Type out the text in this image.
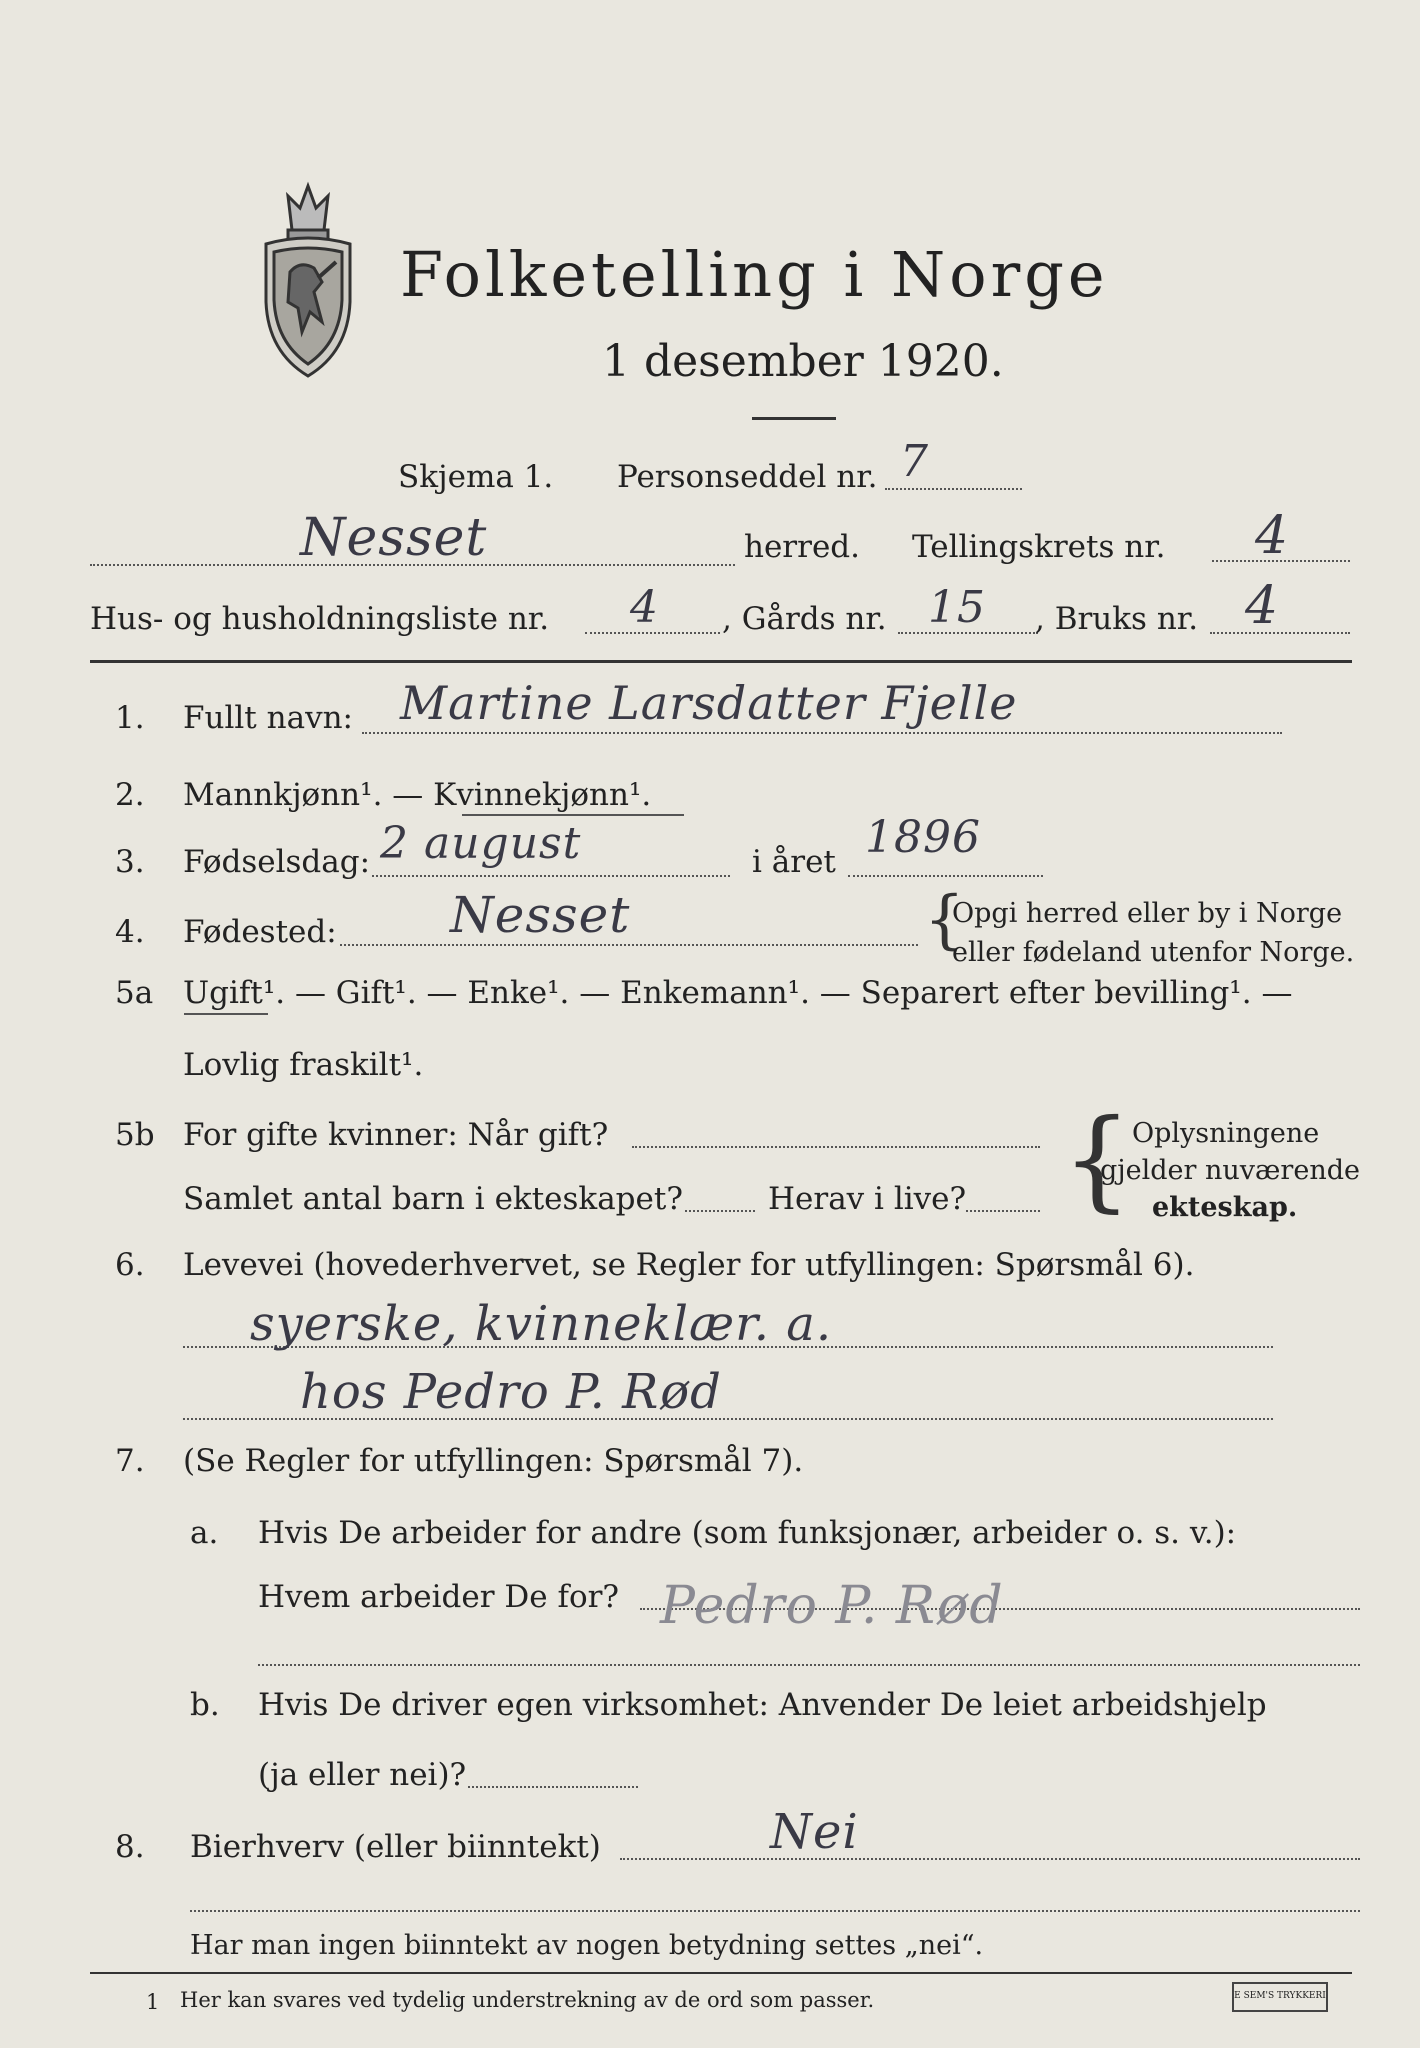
Folketelling i Norge
1 desember 1920.
Skjema 1. Personseddel nr. 7
Nesset	herred. Tellingskrets nr. 4
Hus- og husholdningsliste nr. 4 , Gårds nr. 15 , Bruks nr. 4
1. Fullt navn: Martine Larsdatter Fjelle
2. Mannkjønn¹. — Kvinnekjønn¹.
3. Fødselsdag: 2 august	i året 1896
4. Fødested: Nesset	{
Opgi herred eller by i Norge
eller fødeland utenfor Norge.
5a Ugift¹. — Gift¹. — Enke¹. — Enkemann¹. — Separert efter bevilling¹. —
Lovlig fraskilt¹.
5b For gifte kvinner: Når gift?
Samlet antal barn i ekteskapet?	Herav i live? { Oplysningene
gjelder nuværende
ekteskap.
6. Levevei (hovederhvervet, se Regler for utfyllingen: Spørsmål 6).
syerske, kvinneklær. a.
hos Pedro P. Rød
7. (Se Regler for utfyllingen: Spørsmål 7).
a. Hvis De arbeider for andre (som funksjonær, arbeider o. s. v.):
Hvem arbeider De for? Pedro P. Rød
b. Hvis De driver egen virksomhet: Anvender De leiet arbeidshjelp
(ja eller nei)?
8. Bierhverv (eller biinntekt)	Nei
Har man ingen biinntekt av nogen betydning settes „nei“.
1 Her kan svares ved tydelig understrekning av de ord som passer.	E SEM'S TRYKKERI
